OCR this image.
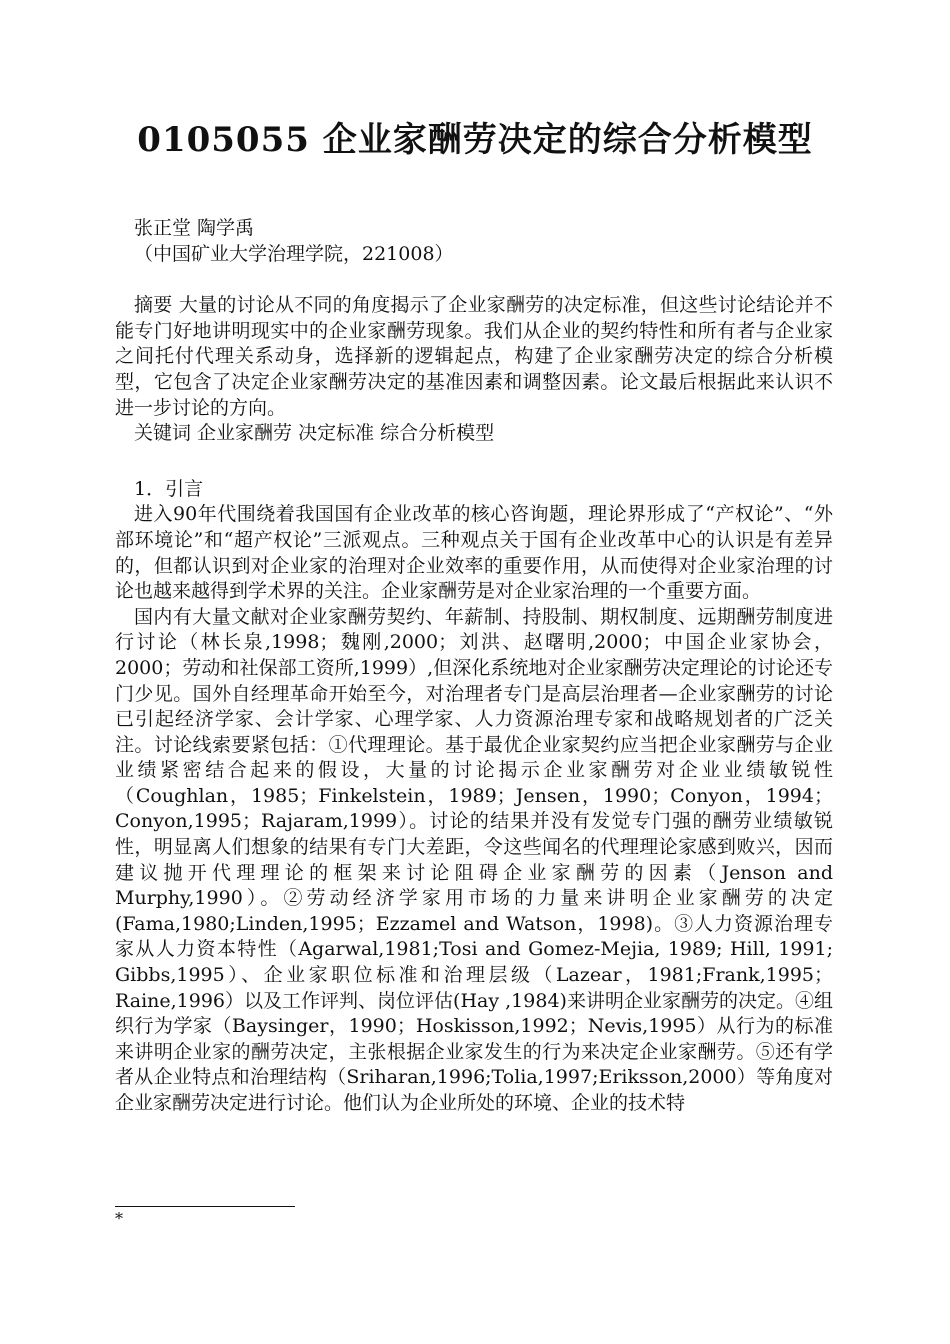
0105055 企业家酬劳决定的综合分析模型

张正堂 陶学禹

（中国矿业大学治理学院，221008）

摘要 大量的讨论从不同的角度揭示了企业家酬劳的决定标准，但这些讨论结论并不能专门好地讲明现实中的企业家酬劳现象。我们从企业的契约特性和所有者与企业家之间托付代理关系动身，选择新的逻辑起点，构建了企业家酬劳决定的综合分析模型，它包含了决定企业家酬劳决定的基准因素和调整因素。论文最后根据此来认识不进一步讨论的方向。

关键词 企业家酬劳 决定标准 综合分析模型

1．引言

进入90年代围绕着我国国有企业改革的核心咨询题，理论界形成了“产权论”、“外部环境论”和“超产权论”三派观点。三种观点关于国有企业改革中心的认识是有差异的，但都认识到对企业家的治理对企业效率的重要作用，从而使得对企业家治理的讨论也越来越得到学术界的关注。企业家酬劳是对企业家治理的一个重要方面。

国内有大量文献对企业家酬劳契约、年薪制、持股制、期权制度、远期酬劳制度进行讨论（林长泉,1998；魏刚,2000；刘洪、赵曙明,2000；中国企业家协会，2000；劳动和社保部工资所,1999）,但深化系统地对企业家酬劳决定理论的讨论还专门少见。国外自经理革命开始至今，对治理者专门是高层治理者—企业家酬劳的讨论已引起经济学家、会计学家、心理学家、人力资源治理专家和战略规划者的广泛关注。讨论线索要紧包括：①代理理论。基于最优企业家契约应当把企业家酬劳与企业业绩紧密结合起来的假设，大量的讨论揭示企业家酬劳对企业业绩敏锐性（Coughlan，1985；Finkelstein，1989；Jensen，1990；Conyon，1994；Conyon,1995；Rajaram,1999）。讨论的结果并没有发觉专门强的酬劳业绩敏锐性，明显离人们想象的结果有专门大差距，令这些闻名的代理理论家感到败兴，因而建议抛开代理理论的框架来讨论阻碍企业家酬劳的因素（Jenson and Murphy,1990）。②劳动经济学家用市场的力量来讲明企业家酬劳的决定(Fama,1980;Linden,1995；Ezzamel and Watson，1998)。③人力资源治理专家从人力资本特性（Agarwal,1981;Tosi and Gomez-Mejia, 1989; Hill, 1991; Gibbs,1995）、企业家职位标准和治理层级（Lazear，1981;Frank,1995；Raine,1996）以及工作评判、岗位评估(Hay ,1984)来讲明企业家酬劳的决定。④组织行为学家（Baysinger，1990；Hoskisson,1992；Nevis,1995）从行为的标准来讲明企业家的酬劳决定，主张根据企业家发生的行为来决定企业家酬劳。⑤还有学者从企业特点和治理结构（Sriharan,1996;Tolia,1997;Eriksson,2000）等角度对企业家酬劳决定进行讨论。他们认为企业所处的环境、企业的技术特

*
